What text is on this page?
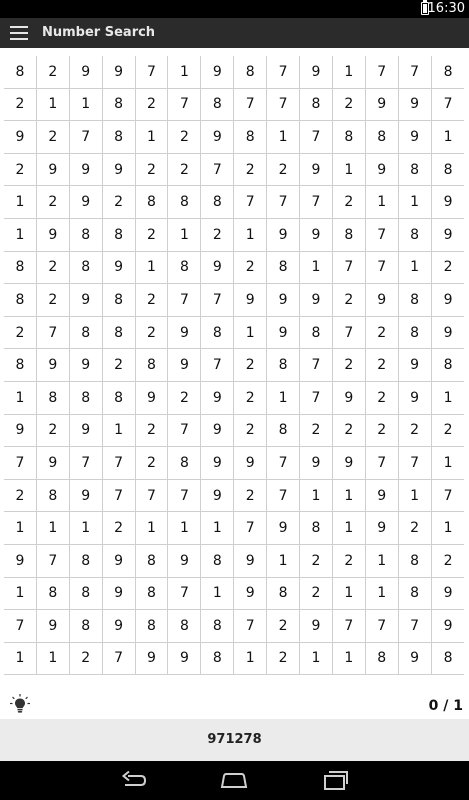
16:30
Number Search
8	2	9	9	7	1	9	8	7	9	1	7	7	8
2	1	1	8	2	7	8	7	7	8	2	9	9	7
9	2	7	8	1	2	9	8	1	7	8	8	9	1
2	9	9	9	2	2	7	2	2	9	1	9	8	8
1	2	9	2	8	8	8	7	7	7	2	1	1	9
1	9	8	8	2	1	2	1	9	9	8	7	8	9
8	2	8	9	1	8	9	2	8	1	7	7	1	2
8	2	9	8	2	7	7	9	9	9	2	9	8	9
2	7	8	8	2	9	8	1	9	8	7	2	8	9
8	9	9	2	8	9	7	2	8	7	2	2	9	8
1	8	8	8	9	2	9	2	1	7	9	2	9	1
9	2	9	1	2	7	9	2	8	2	2	2	2	2
7	9	7	7	2	8	9	9	7	9	9	7	7	1
2	8	9	7	7	7	9	2	7	1	1	9	1	7
1	1	1	2	1	1	1	7	9	8	1	9	2	1
9	7	8	9	8	9	8	9	1	2	2	1	8	2
1	8	8	9	8	7	1	9	8	2	1	1	8	9
7	9	8	9	8	8	8	7	2	9	7	7	7	9
1	1	2	7	9	9	8	1	2	1	1	8	9	8
0 / 1
971278
